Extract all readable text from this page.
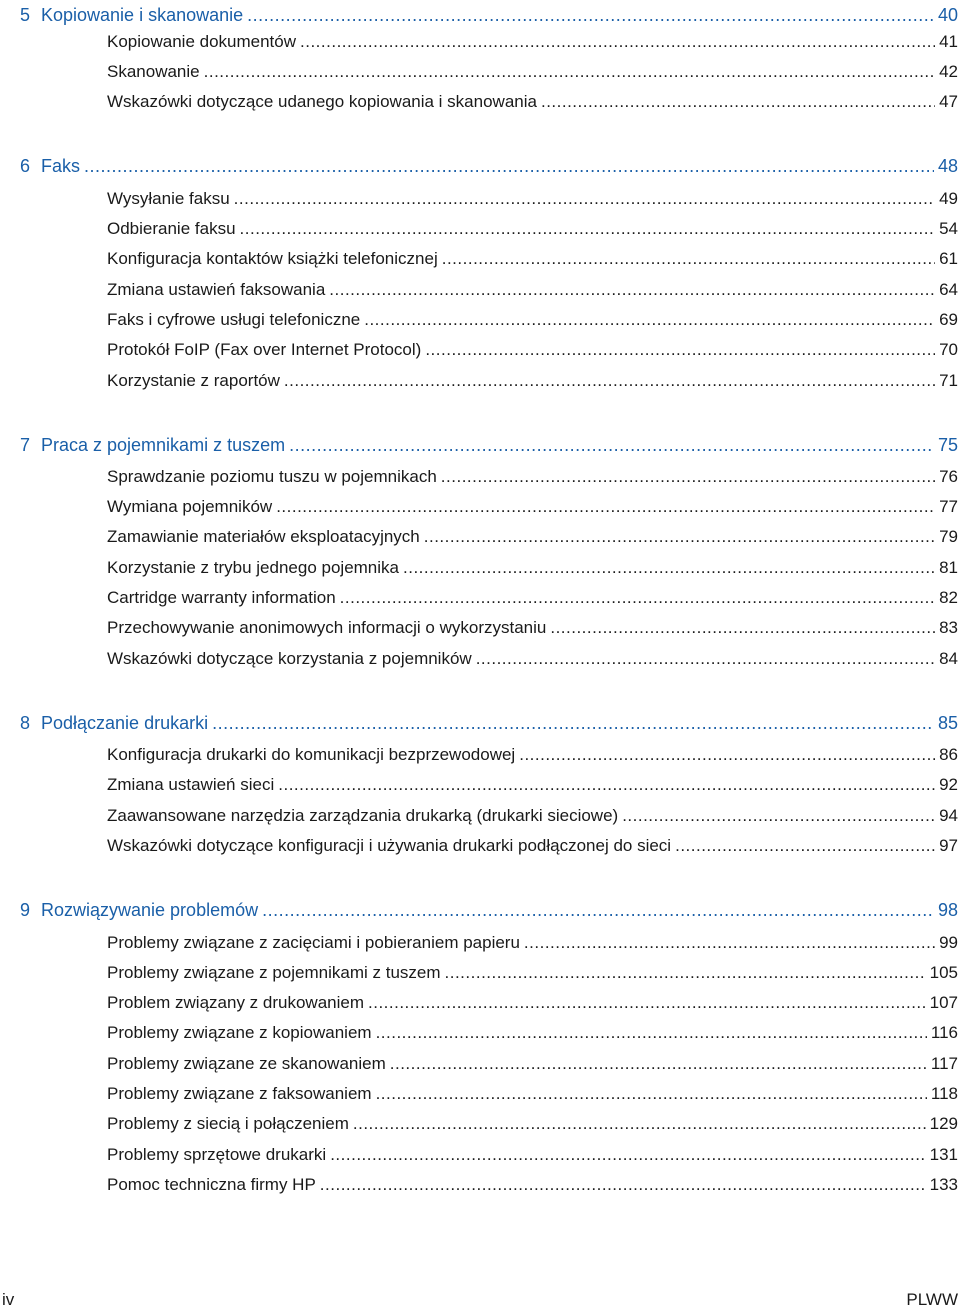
5 Kopiowanie i skanowanie .....	40
Kopiowanie dokumentów .....	41
Skanowanie .....	42
Wskazówki dotyczące udanego kopiowania i skanowania .....	47
6 Faks .....	48
Wysyłanie faksu .....	49
Odbieranie faksu .....	54
Konfiguracja kontaktów książki telefonicznej .....	61
Zmiana ustawień faksowania .....	64
Faks i cyfrowe usługi telefoniczne .....	69
Protokół FoIP (Fax over Internet Protocol) .....	70
Korzystanie z raportów .....	71
7 Praca z pojemnikami z tuszem .....	75
Sprawdzanie poziomu tuszu w pojemnikach .....	76
Wymiana pojemników .....	77
Zamawianie materiałów eksploatacyjnych .....	79
Korzystanie z trybu jednego pojemnika .....	81
Cartridge warranty information .....	82
Przechowywanie anonimowych informacji o wykorzystaniu .....	83
Wskazówki dotyczące korzystania z pojemników .....	84
8 Podłączanie drukarki .....	85
Konfiguracja drukarki do komunikacji bezprzewodowej .....	86
Zmiana ustawień sieci .....	92
Zaawansowane narzędzia zarządzania drukarką (drukarki sieciowe) .....	94
Wskazówki dotyczące konfiguracji i używania drukarki podłączonej do sieci .....	97
9 Rozwiązywanie problemów .....	98
Problemy związane z zacięciami i pobieraniem papieru .....	99
Problemy związane z pojemnikami z tuszem .....	105
Problem związany z drukowaniem .....	107
Problemy związane z kopiowaniem .....	116
Problemy związane ze skanowaniem .....	117
Problemy związane z faksowaniem .....	118
Problemy z siecią i połączeniem .....	129
Problemy sprzętowe drukarki .....	131
Pomoc techniczna firmy HP .....	133
iv	PLWW
